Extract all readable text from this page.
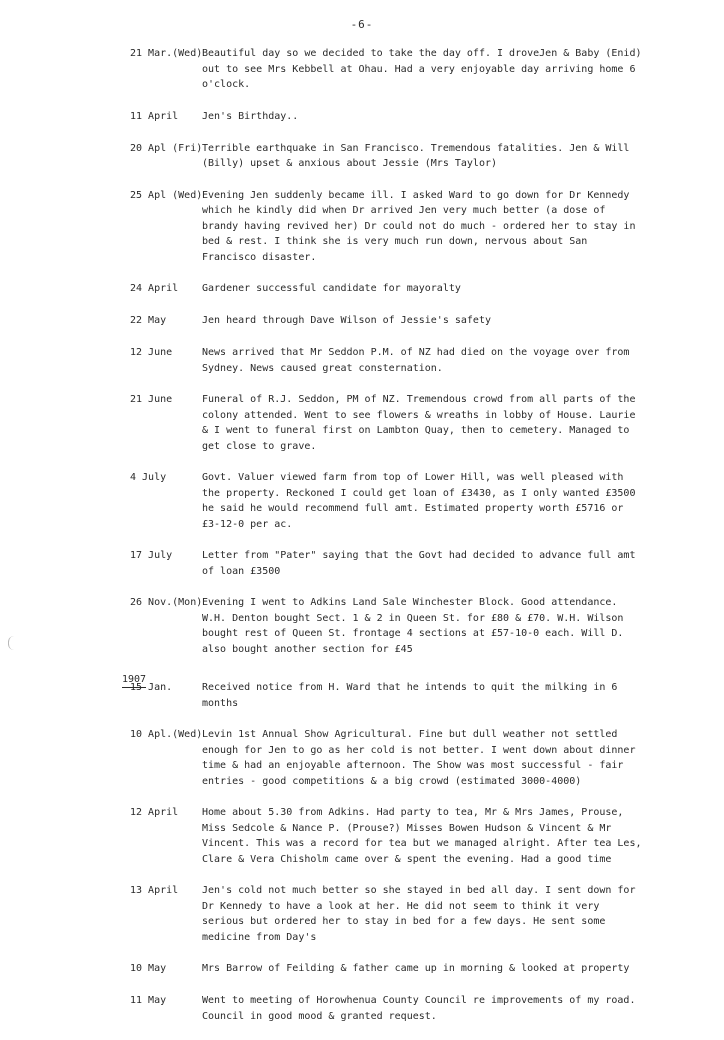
-6-
21 Mar.(Wed) Beautiful day so we decided to take the day off. I droveJen & Baby (Enid)
out to see Mrs Kebbell at Ohau. Had a very enjoyable day arriving home 6
o'clock.
11 April	Jen's Birthday..
20 Apl (Fri) Terrible earthquake in San Francisco. Tremendous fatalities. Jen & Will
(Billy) upset & anxious about Jessie (Mrs Taylor)
25 Apl (Wed) Evening Jen suddenly became ill. I asked Ward to go down for Dr Kennedy
which he kindly did when Dr arrived Jen very much better (a dose of
brandy having revived her) Dr could not do much - ordered her to stay in
bed & rest. I think she is very much run down, nervous about San
Francisco disaster.
24 April	Gardener successful candidate for mayoralty
22 May	Jen heard through Dave Wilson of Jessie's safety
12 June	News arrived that Mr Seddon P.M. of NZ had died on the voyage over from
Sydney. News caused great consternation.
21 June	Funeral of R.J. Seddon, PM of NZ. Tremendous crowd from all parts of the
colony attended. Went to see flowers & wreaths in lobby of House. Laurie
& I went to funeral first on Lambton Quay, then to cemetery. Managed to
get close to grave.
4 July	Govt. Valuer viewed farm from top of Lower Hill, was well pleased with
the property. Reckoned I could get loan of £3430, as I only wanted £3500
he said he would recommend full amt. Estimated property worth £5716 or
£3-12-0 per ac.
17 July	Letter from "Pater" saying that the Govt had decided to advance full amt
of loan £3500
26 Nov.(Mon) Evening I went to Adkins Land Sale Winchester Block. Good attendance.
W.H. Denton bought Sect. 1 & 2 in Queen St. for £80 & £70. W.H. Wilson
bought rest of Queen St. frontage 4 sections at £57-10-0 each. Will D.
also bought another section for £45
1907
15 Jan.	Received notice from H. Ward that he intends to quit the milking in 6
months
10 Apl.(Wed) Levin 1st Annual Show Agricultural. Fine but dull weather not settled
enough for Jen to go as her cold is not better. I went down about dinner
time & had an enjoyable afternoon. The Show was most successful - fair
entries - good competitions & a big crowd (estimated 3000-4000)
12 April	Home about 5.30 from Adkins. Had party to tea, Mr & Mrs James, Prouse,
Miss Sedcole & Nance P. (Prouse?) Misses Bowen Hudson & Vincent & Mr
Vincent. This was a record for tea but we managed alright. After tea Les,
Clare & Vera Chisholm came over & spent the evening. Had a good time
13 April	Jen's cold not much better so she stayed in bed all day. I sent down for
Dr Kennedy to have a look at her. He did not seem to think it very
serious but ordered her to stay in bed for a few days. He sent some
medicine from Day's
10 May	Mrs Barrow of Feilding & father came up in morning & looked at property
11 May	Went to meeting of Horowhenua County Council re improvements of my road.
Council in good mood & granted request.
